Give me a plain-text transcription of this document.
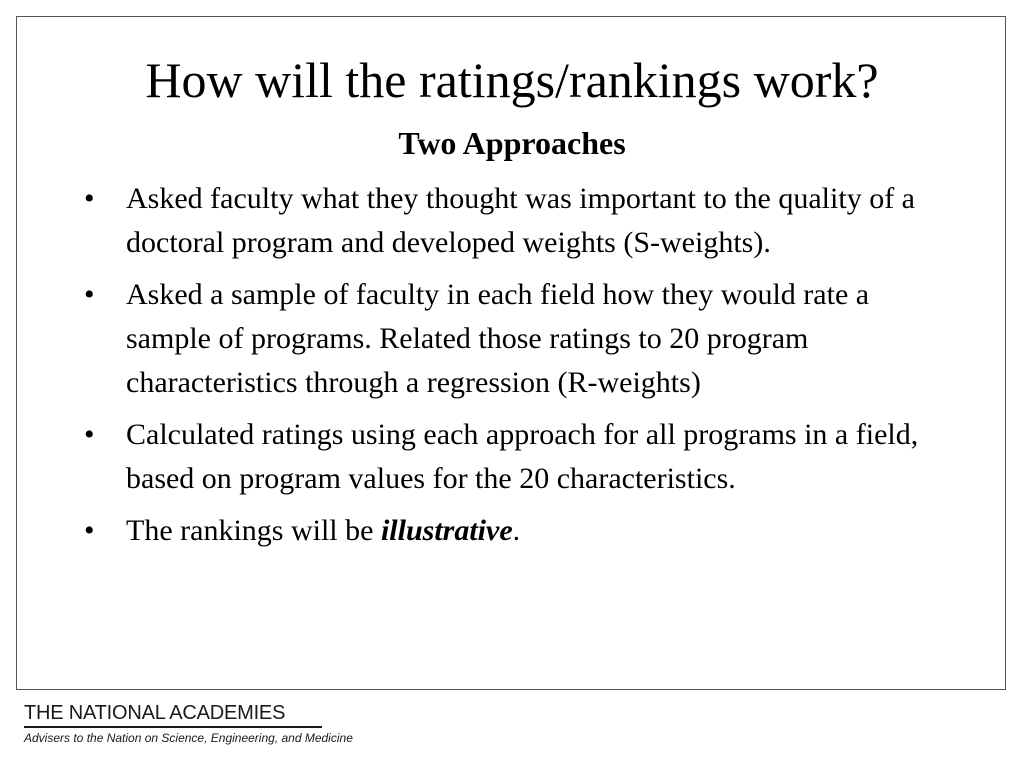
How will the ratings/rankings work?
Two Approaches
•	Asked faculty what they thought was important to the quality of a doctoral program and developed weights (S-weights).
•	Asked a sample of faculty in each field how they would rate a sample of programs. Related those ratings to 20 program characteristics through a regression (R-weights)
•	Calculated ratings using each approach for all programs in a field, based on program values for the 20 characteristics.
•	The rankings will be illustrative.
THE NATIONAL ACADEMIES
Advisers to the Nation on Science, Engineering, and Medicine
